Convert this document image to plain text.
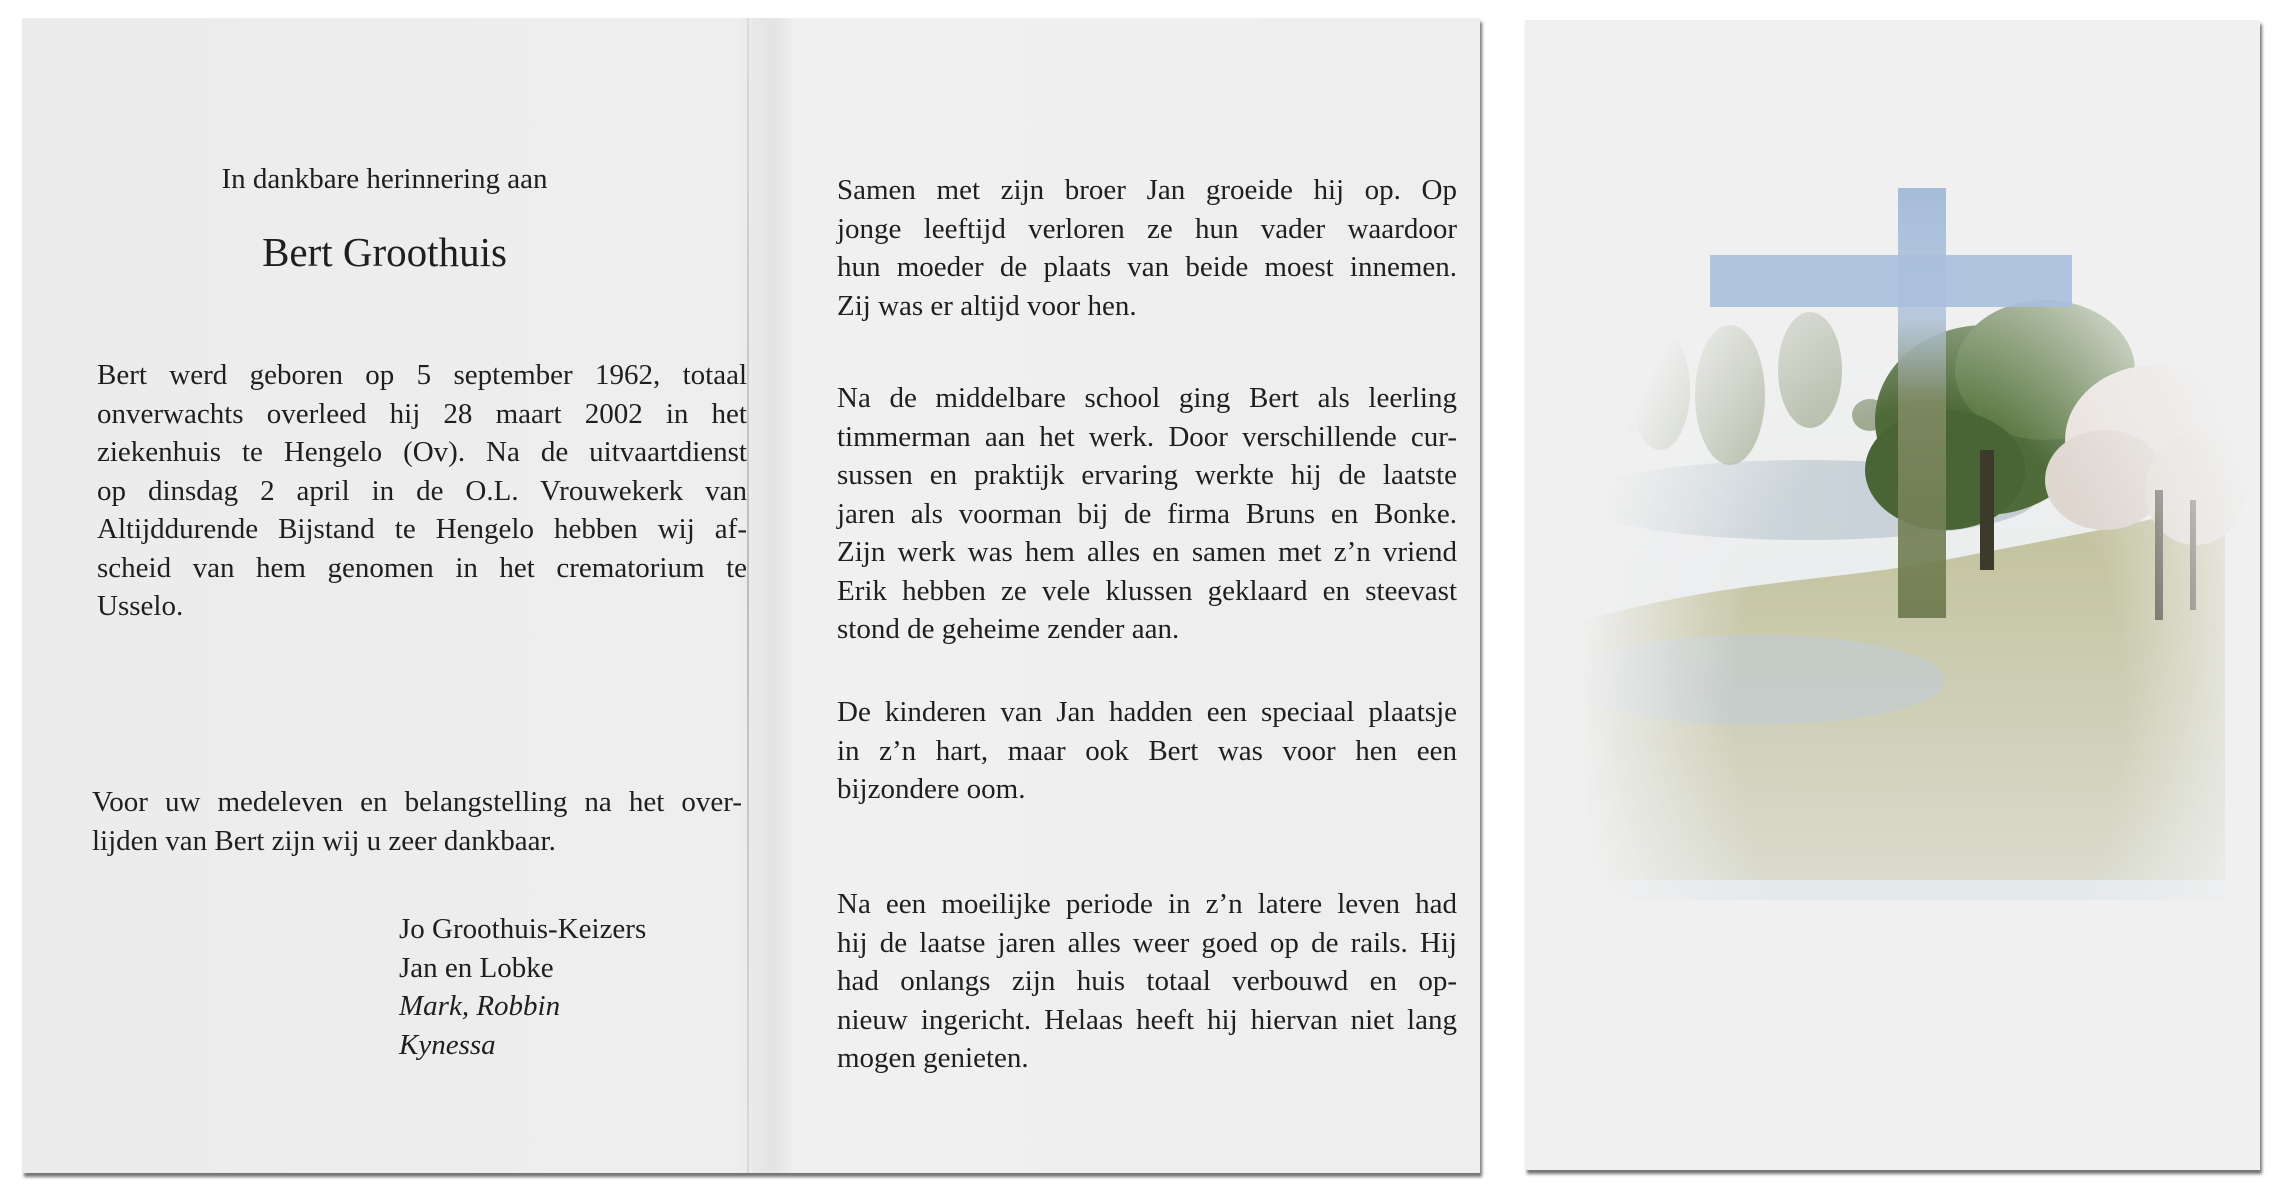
In dankbare herinnering aan

Bert Groothuis
Bert werd geboren op 5 september 1962, totaal
onverwachts overleed hij 28 maart 2002 in het
ziekenhuis te Hengelo (Ov). Na de uitvaartdienst
op dinsdag 2 april in de O.L. Vrouwekerk van
Altijddurende Bijstand te Hengelo hebben wij af-
scheid van hem genomen in het crematorium te
Usselo.
Voor uw medeleven en belangstelling na het over-
lijden van Bert zijn wij u zeer dankbaar.
Jo Groothuis-Keizers
Jan en Lobke
Mark, Robbin
Kynessa
Samen met zijn broer Jan groeide hij op. Op
jonge leeftijd verloren ze hun vader waardoor
hun moeder de plaats van beide moest innemen.
Zij was er altijd voor hen.
Na de middelbare school ging Bert als leerling
timmerman aan het werk. Door verschillende cur-
sussen en praktijk ervaring werkte hij de laatste
jaren als voorman bij de firma Bruns en Bonke.
Zijn werk was hem alles en samen met z’n vriend
Erik hebben ze vele klussen geklaard en steevast
stond de geheime zender aan.
De kinderen van Jan hadden een speciaal plaatsje
in z’n hart, maar ook Bert was voor hen een
bijzondere oom.
Na een moeilijke periode in z’n latere leven had
hij de laatse jaren alles weer goed op de rails. Hij
had onlangs zijn huis totaal verbouwd en op-
nieuw ingericht. Helaas heeft hij hiervan niet lang
mogen genieten.
